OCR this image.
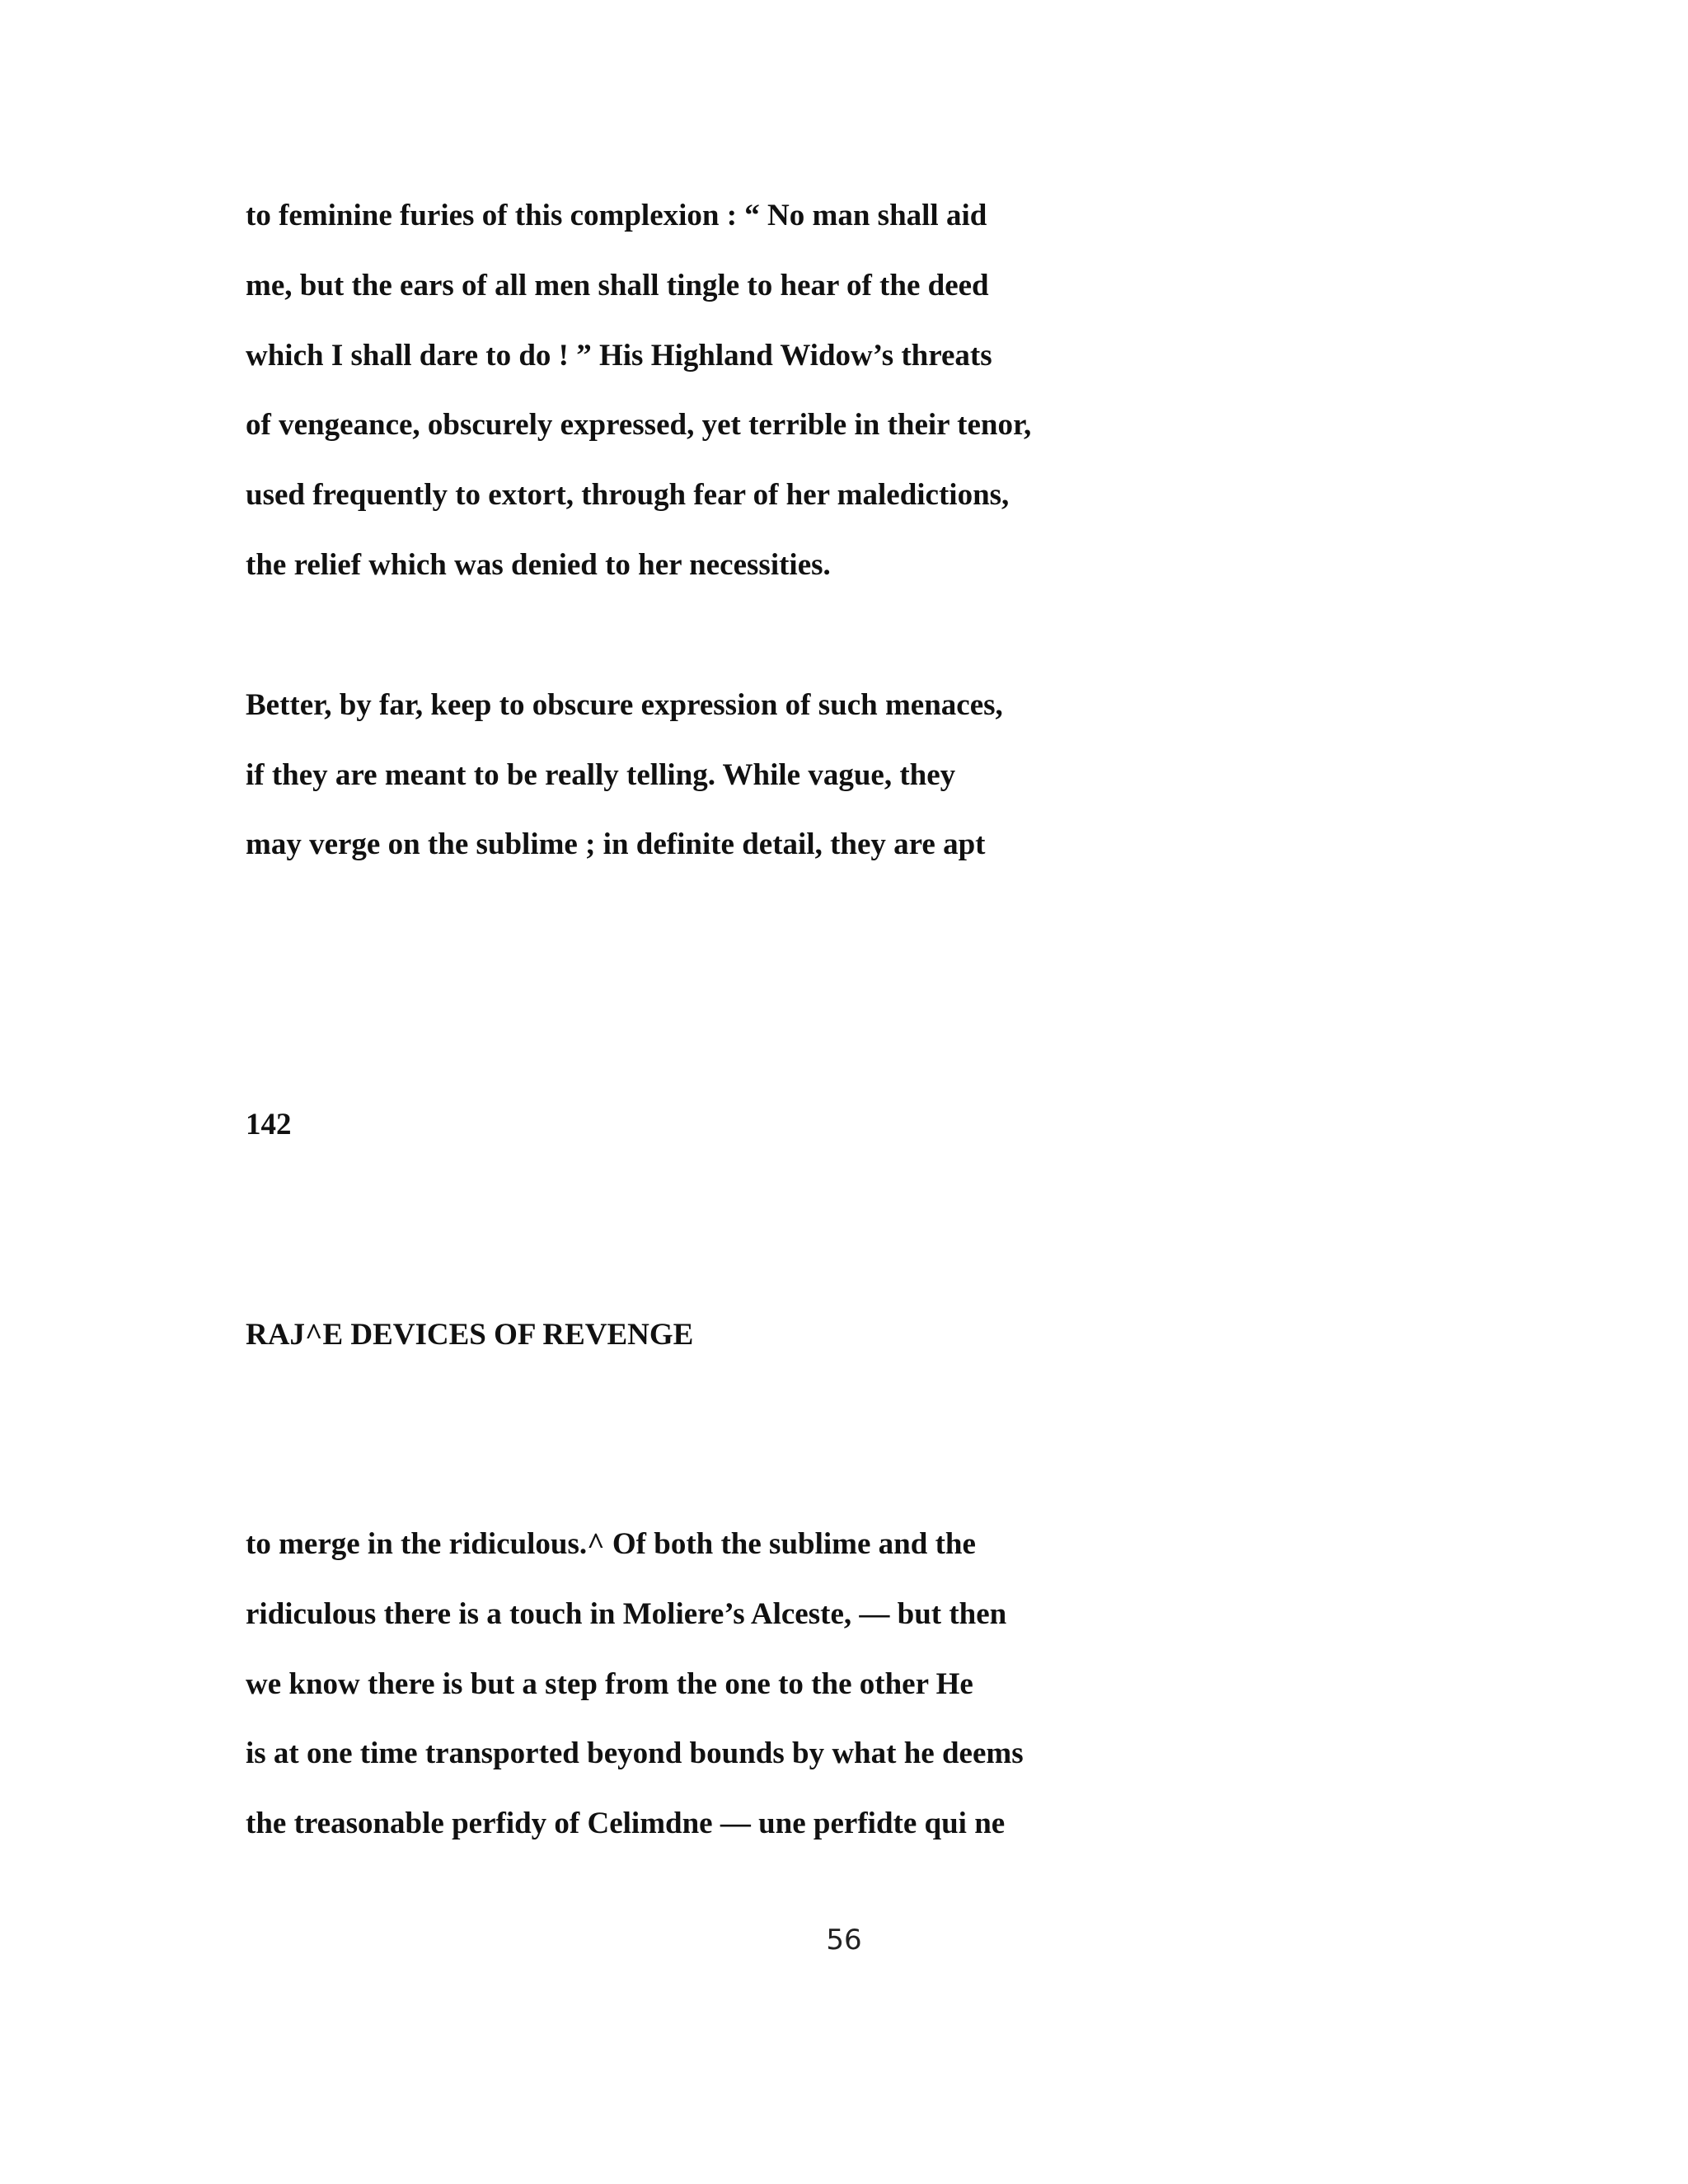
to feminine furies of this complexion : “ No man shall aid
me, but the ears of all men shall tingle to hear of the deed
which I shall dare to do ! ” His Highland Widow’s threats
of vengeance, obscurely expressed, yet terrible in their tenor,
used frequently to extort, through fear of her maledictions,
the relief which was denied to her necessities.
Better, by far, keep to obscure expression of such menaces,
if they are meant to be really telling. While vague, they
may verge on the sublime ; in definite detail, they are apt
142
RAJ^E DEVICES OF REVENGE
to merge in the ridiculous.^ Of both the sublime and the
ridiculous there is a touch in Moliere’s Alceste, — but then
we know there is but a step from the one to the other He
is at one time transported beyond bounds by what he deems
the treasonable perfidy of Celimdne — une perfidte qui ne
56
